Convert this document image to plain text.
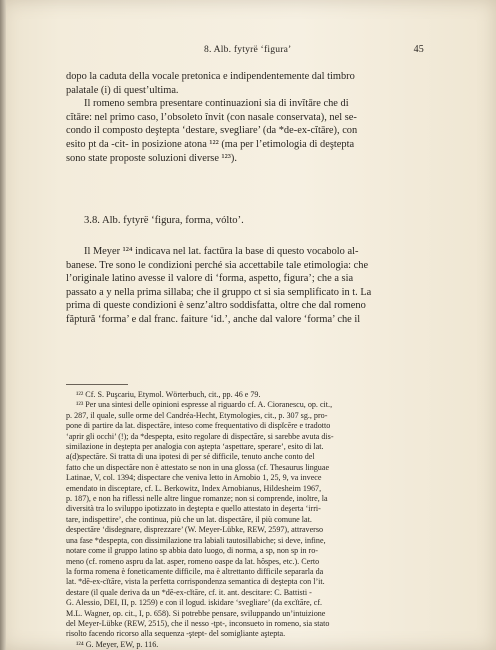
8. Alb. fytyrë ‘figura’	45

dopo la caduta della vocale pretonica e indipendentemente dal timbro

palatale (i) di quest’ultima.

Il romeno sembra presentare continuazioni sia di invĭtāre che di

cĭtāre: nel primo caso, l’obsoleto învit (con nasale conservata), nel se-

condo il composto deştepta ‘destare, svegliare’ (da *de-ex-cĭtāre), con

esito pt da -cit- in posizione atona ¹²² (ma per l’etimologia di deştepta

sono state proposte soluzioni diverse ¹²³).

3.8. Alb. fytyrë ‘figura, forma, vólto’.

Il Meyer ¹²⁴ indicava nel lat. factūra la base di questo vocabolo al-

banese. Tre sono le condizioni perché sia accettabile tale etimologia: che

l’originale latino avesse il valore di ‘forma, aspetto, figura’; che a sia

passato a y nella prima sillaba; che il gruppo ct si sia semplificato in t. La

prima di queste condizioni è senz’altro soddisfatta, oltre che dal romeno

făptură ‘forma’ e dal franc. faiture ‘id.’, anche dal valore ‘forma’ che il

¹²² Cf. S. Puşcariu, Etymol. Wörterbuch, cit., pp. 46 e 79.

¹²³ Per una sintesi delle opinioni espresse al riguardo cf. A. Cioranescu, op. cit.,

p. 287, il quale, sulle orme del Candréa-Hecht, Etymologies, cit., p. 307 sg., pro-

pone di partire da lat. dispectāre, inteso come frequentativo di dispĭcĕre e tradotto

‘aprir gli occhi’ (!); da *despepta, esito regolare di dispectāre, si sarebbe avuta dis-

similazione in deştepta per analogia con aştepta ‘aspettare, sperare’, esito di lat.

a(d)spectāre. Si tratta di una ipotesi di per sé difficile, tenuto anche conto del

fatto che un dispectāre non è attestato se non in una glossa (cf. Thesaurus linguae

Latinae, V, col. 1394; dispectare che veniva letto in Arnobio 1, 25, 9, va invece

emendato in disceptare, cf. L. Berkowitz, Index Arnobianus, Hildesheim 1967,

p. 187), e non ha riflessi nelle altre lingue romanze; non si comprende, inoltre, la

diversità tra lo sviluppo ipotizzato in deştepta e quello attestato in deşerta ‘irri-

tare, indispettire’, che continua, più che un lat. dispectāre, il più comune lat.

despectāre ‘disdegnare, disprezzare’ (W. Meyer-Lübke, REW, 2597), attraverso

una fase *despepta, con dissimilazione tra labiali tautosillabiche; si deve, infine,

notare come il gruppo latino sp abbia dato luogo, di norma, a sp, non sp in ro-

meno (cf. romeno aspru da lat. asper, romeno oaspe da lat. hŏspes, etc.). Certo

la forma romena è foneticamente difficile, ma è altrettanto difficile separarla da

lat. *dē-ex-cĭtāre, vista la perfetta corrispondenza semantica di deştepta con l’it.

destare (il quale deriva da un *dē-ex-cĭtāre, cf. it. ant. descitare: C. Battisti -

G. Alessio, DEI, II, p. 1259) e con il logud. iskidare ‘svegliare’ (da excĭtāre, cf.

M.L. Wagner, op. cit., I, p. 658). Si potrebbe pensare, sviluppando un’intuizione

del Meyer-Lübke (REW, 2515), che il nesso -ṭpt-, inconsueto in romeno, sia stato

risolto facendo ricorso alla sequenza -ştept- del somigliante aştepta.

¹²⁴ G. Meyer, EW, p. 116.
